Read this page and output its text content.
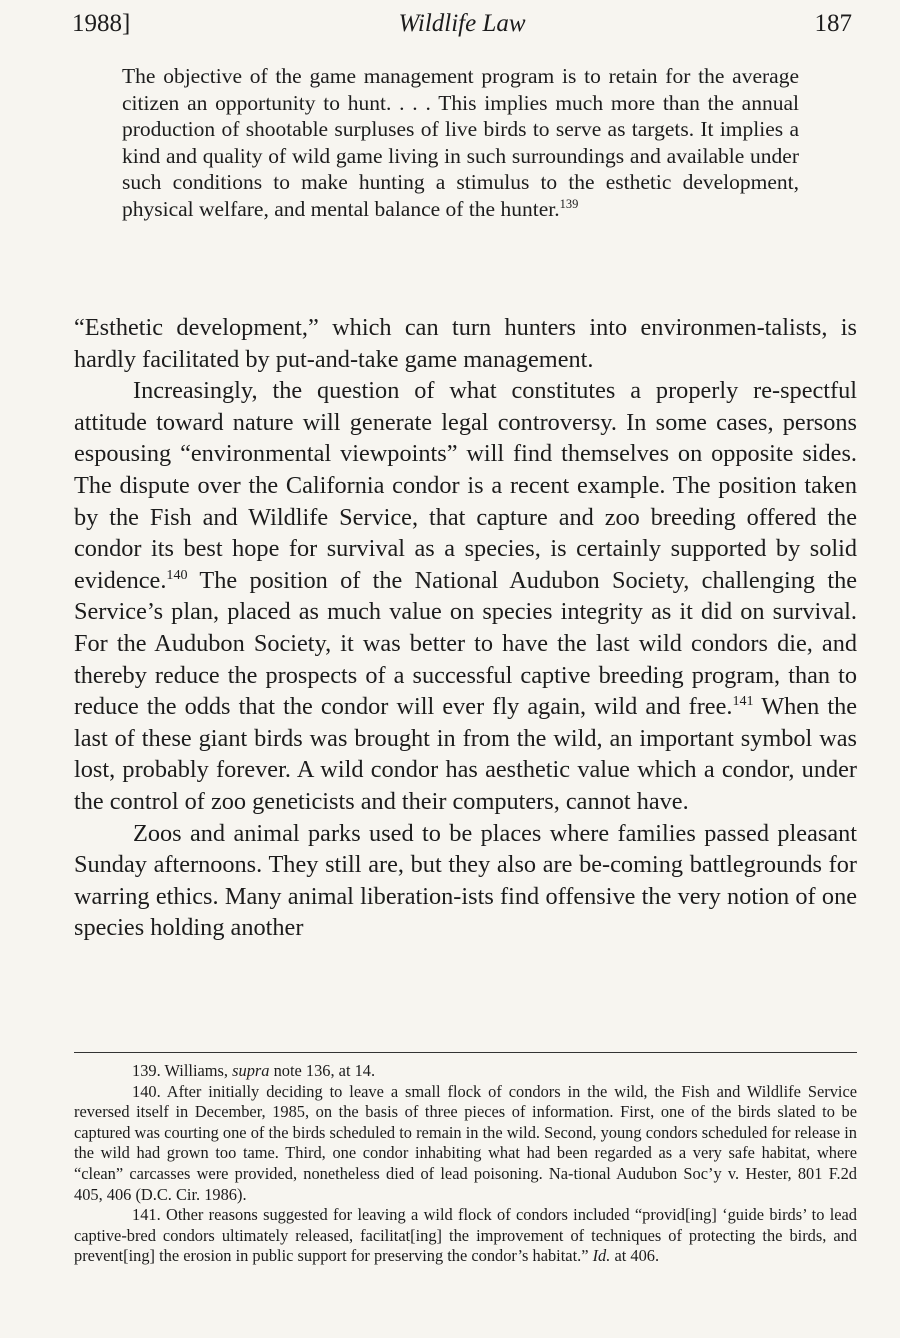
1988]	Wildlife Law	187
The objective of the game management program is to retain for the average citizen an opportunity to hunt. . . . This implies much more than the annual production of shootable surpluses of live birds to serve as targets. It implies a kind and quality of wild game living in such surroundings and available under such conditions to make hunting a stimulus to the esthetic development, physical welfare, and mental balance of the hunter.$^{139}$

“Esthetic development,” which can turn hunters into environmen-talists, is hardly facilitated by put-and-take game management.

Increasingly, the question of what constitutes a properly re-spectful attitude toward nature will generate legal controversy. In some cases, persons espousing “environmental viewpoints” will find themselves on opposite sides. The dispute over the California condor is a recent example. The position taken by the Fish and Wildlife Service, that capture and zoo breeding offered the condor its best hope for survival as a species, is certainly supported by solid evidence.$^{140}$ The position of the National Audubon Society, challenging the Service’s plan, placed as much value on species integrity as it did on survival. For the Audubon Society, it was better to have the last wild condors die, and thereby reduce the prospects of a successful captive breeding program, than to reduce the odds that the condor will ever fly again, wild and free.$^{141}$ When the last of these giant birds was brought in from the wild, an important symbol was lost, probably forever. A wild condor has aesthetic value which a condor, under the control of zoo geneticists and their computers, cannot have.

Zoos and animal parks used to be places where families passed pleasant Sunday afternoons. They still are, but they also are be-coming battlegrounds for warring ethics. Many animal liberation-ists find offensive the very notion of one species holding another

139. Williams, supra note 136, at 14.

140. After initially deciding to leave a small flock of condors in the wild, the Fish and Wildlife Service reversed itself in December, 1985, on the basis of three pieces of information. First, one of the birds slated to be captured was courting one of the birds scheduled to remain in the wild. Second, young condors scheduled for release in the wild had grown too tame. Third, one condor inhabiting what had been regarded as a very safe habitat, where “clean” carcasses were provided, nonetheless died of lead poisoning. Na-tional Audubon Soc’y v. Hester, 801 F.2d 405, 406 (D.C. Cir. 1986).

141. Other reasons suggested for leaving a wild flock of condors included “provid[ing] ‘guide birds’ to lead captive-bred condors ultimately released, facilitat[ing] the improvement of techniques of protecting the birds, and prevent[ing] the erosion in public support for preserving the condor’s habitat.” Id. at 406.
